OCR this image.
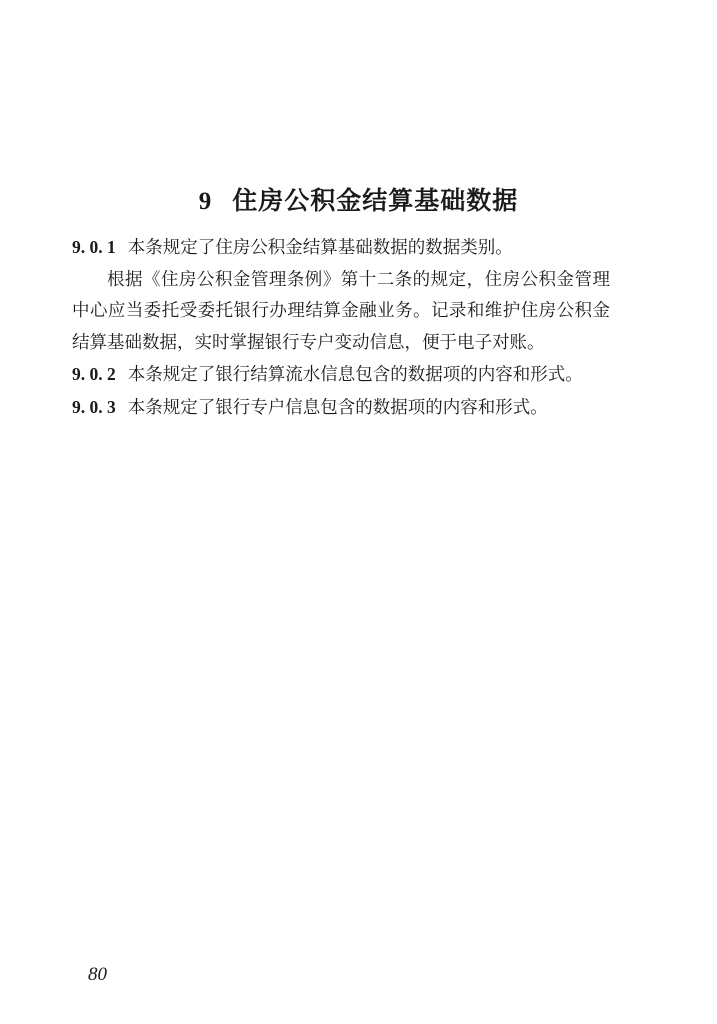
9 住房公积金结算基础数据

9. 0. 1 本条规定了住房公积金结算基础数据的数据类别。

根据《住房公积金管理条例》第十二条的规定，住房公积金管理中心应当委托受委托银行办理结算金融业务。记录和维护住房公积金结算基础数据，实时掌握银行专户变动信息，便于电子对账。

9. 0. 2 本条规定了银行结算流水信息包含的数据项的内容和形式。

9. 0. 3 本条规定了银行专户信息包含的数据项的内容和形式。

80
